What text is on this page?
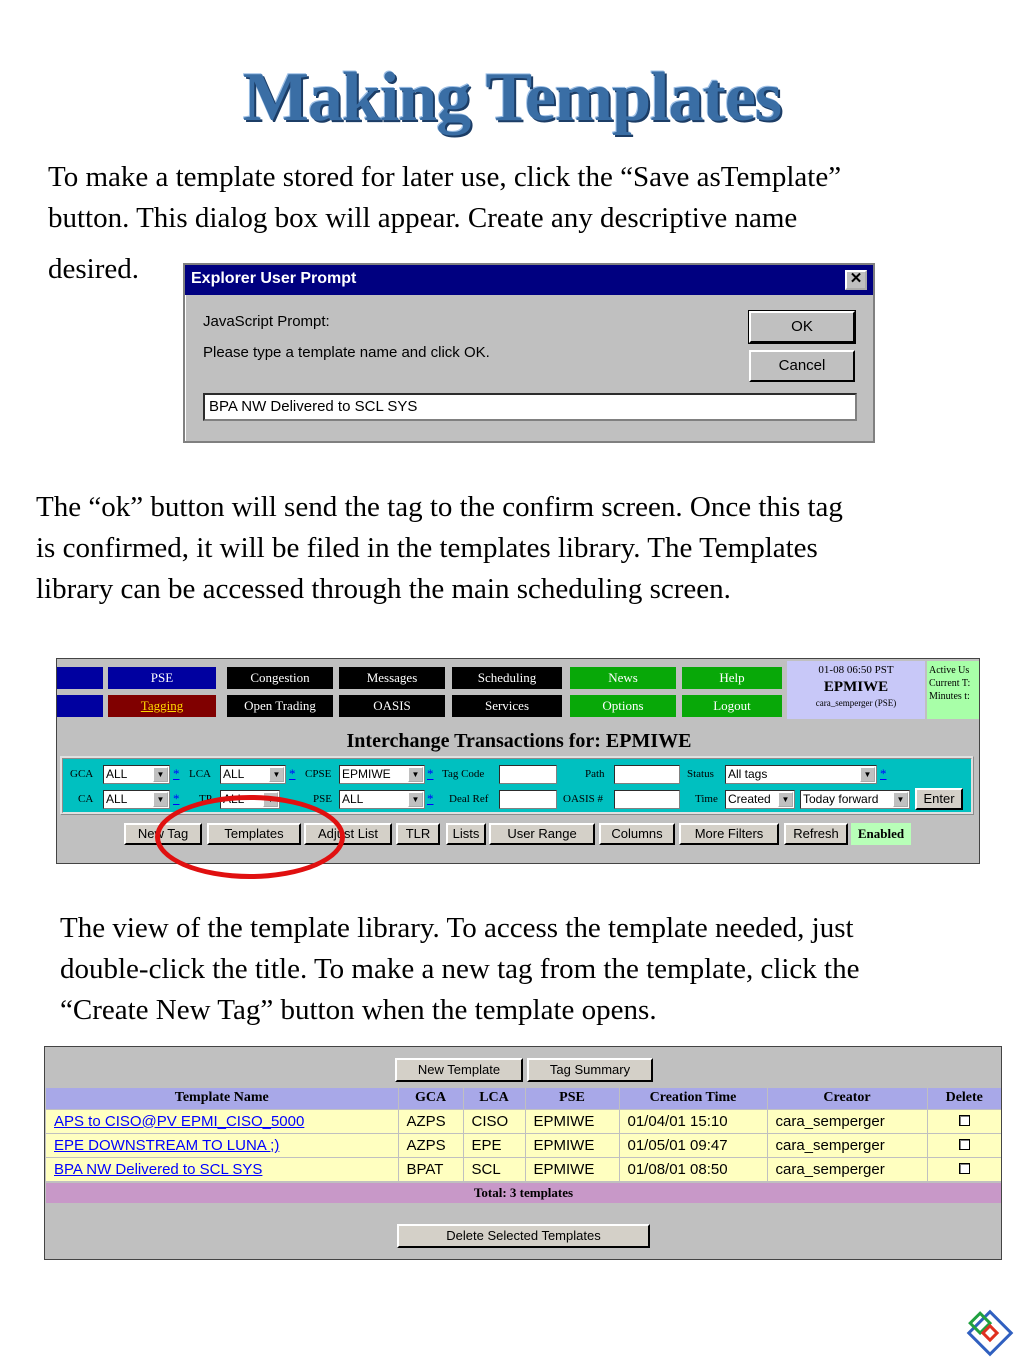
Making Templates
To make a template stored for later use, click the “Save asTemplate”
button. This dialog box will appear. Create any descriptive name
desired.	Explorer User Prompt	✕
JavaScript Prompt:
Please type a template name and click OK.
OK
Cancel
BPA NW Delivered to SCL SYS
The “ok” button will send the tag to the confirm screen. Once this tag
is confirmed, it will be filed in the templates library. The Templates
library can be accessed through the main scheduling screen.
PSE	Congestion	Messages	Scheduling	News	Help
Tagging	Open Trading	OASIS	Services	Options	Logout
01-08 06:50 PST
EPMIWE
cara_semperger (PSE)
Active Us
Current T:
Minutes t:
Interchange Transactions for: EPMIWE
GCA ALL	▼ * LCA ALL	▼ * CPSE EPMIWE	▼ * Tag Code	Path	Status All tags	▼ *
CA ALL	▼ * TP ALL	▼	PSE ALL	▼ * Deal Ref	OASIS #	Time Created	▼ Today forward	▼	Enter
New Tag	Templates	Adjust List	TLR	Lists	User Range	Columns	More Filters	Refresh	Enabled
The view of the template library. To access the template needed, just
double-click the title. To make a new tag from the template, click the
“Create New Tag” button when the template opens.
New Template	Tag Summary
Template Name	GCA	LCA	PSE	Creation Time	Creator	Delete
APS to CISO@PV EPMI_CISO_5000	AZPS	CISO	EPMIWE	01/04/01 15:10	cara_semperger	
EPE DOWNSTREAM TO LUNA ;)	AZPS	EPE	EPMIWE	01/05/01 09:47	cara_semperger	
BPA NW Delivered to SCL SYS	BPAT	SCL	EPMIWE	01/08/01 08:50	cara_semperger	
Total: 3 templates
Delete Selected Templates
